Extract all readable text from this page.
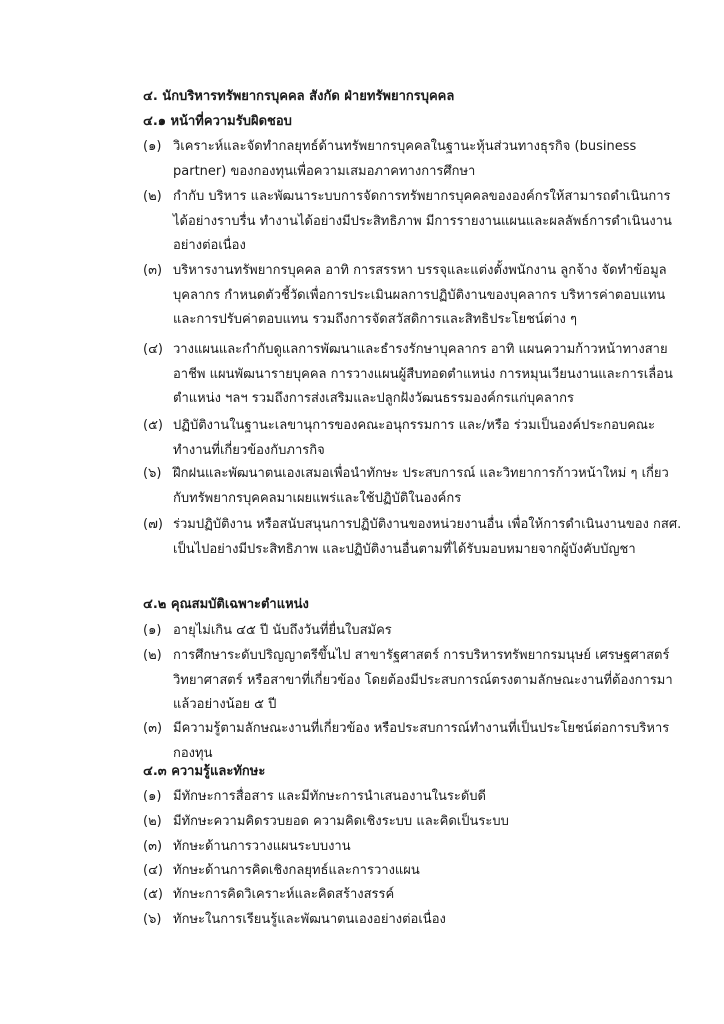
๔. นักบริหารทรัพยากรบุคคล สังกัด ฝ่ายทรัพยากรบุคคล
๔.๑ หน้าที่ความรับผิดชอบ
(๑) วิเคราะห์และจัดทำกลยุทธ์ด้านทรัพยากรบุคคลในฐานะหุ้นส่วนทางธุรกิจ (business partner) ของกองทุนเพื่อความเสมอภาคทางการศึกษา
(๒) กำกับ บริหาร และพัฒนาระบบการจัดการทรัพยากรบุคคลขององค์กรให้สามารถดำเนินการได้อย่างราบรื่น ทำงานได้อย่างมีประสิทธิภาพ มีการรายงานแผนและผลลัพธ์การดำเนินงานอย่างต่อเนื่อง
(๓) บริหารงานทรัพยากรบุคคล อาทิ การสรรหา บรรจุและแต่งตั้งพนักงาน ลูกจ้าง จัดทำข้อมูลบุคลากร กำหนดตัวชี้วัดเพื่อการประเมินผลการปฏิบัติงานของบุคลากร บริหารค่าตอบแทน และการปรับค่าตอบแทน รวมถึงการจัดสวัสดิการและสิทธิประโยชน์ต่าง ๆ
(๔) วางแผนและกำกับดูแลการพัฒนาและธำรงรักษาบุคลากร อาทิ แผนความก้าวหน้าทางสายอาชีพ แผนพัฒนารายบุคคล การวางแผนผู้สืบทอดตำแหน่ง การหมุนเวียนงานและการเลื่อนตำแหน่ง ฯลฯ รวมถึงการส่งเสริมและปลูกฝังวัฒนธรรมองค์กรแก่บุคลากร
(๕) ปฏิบัติงานในฐานะเลขานุการของคณะอนุกรรมการ และ/หรือ ร่วมเป็นองค์ประกอบคณะทำงานที่เกี่ยวข้องกับภารกิจ
(๖) ฝึกฝนและพัฒนาตนเองเสมอเพื่อนำทักษะ ประสบการณ์ และวิทยาการก้าวหน้าใหม่ ๆ เกี่ยวกับทรัพยากรบุคคลมาเผยแพร่และใช้ปฏิบัติในองค์กร
(๗) ร่วมปฏิบัติงาน หรือสนับสนุนการปฏิบัติงานของหน่วยงานอื่น เพื่อให้การดำเนินงานของ กสศ. เป็นไปอย่างมีประสิทธิภาพ และปฏิบัติงานอื่นตามที่ได้รับมอบหมายจากผู้บังคับบัญชา
๔.๒ คุณสมบัติเฉพาะตำแหน่ง
(๑) อายุไม่เกิน ๔๕ ปี นับถึงวันที่ยื่นใบสมัคร
(๒) การศึกษาระดับปริญญาตรีขึ้นไป สาขารัฐศาสตร์ การบริหารทรัพยากรมนุษย์ เศรษฐศาสตร์ วิทยาศาสตร์ หรือสาขาที่เกี่ยวข้อง โดยต้องมีประสบการณ์ตรงตามลักษณะงานที่ต้องการมาแล้วอย่างน้อย ๕ ปี
(๓) มีความรู้ตามลักษณะงานที่เกี่ยวข้อง หรือประสบการณ์ทำงานที่เป็นประโยชน์ต่อการบริหารกองทุน
๔.๓ ความรู้และทักษะ
(๑) มีทักษะการสื่อสาร และมีทักษะการนำเสนองานในระดับดี
(๒) มีทักษะความคิดรวบยอด ความคิดเชิงระบบ และคิดเป็นระบบ
(๓) ทักษะด้านการวางแผนระบบงาน
(๔) ทักษะด้านการคิดเชิงกลยุทธ์และการวางแผน
(๕) ทักษะการคิดวิเคราะห์และคิดสร้างสรรค์
(๖) ทักษะในการเรียนรู้และพัฒนาตนเองอย่างต่อเนื่อง
